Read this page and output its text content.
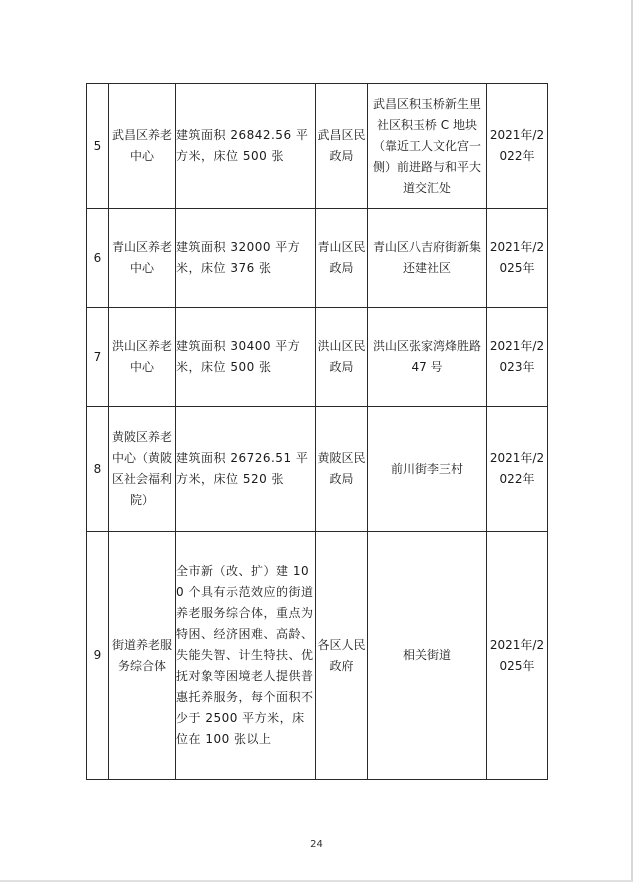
5	武昌区养老中心	建筑面积 26842.56 平方米，床位 500 张	武昌区民政局	武昌区积玉桥新生里社区积玉桥 C 地块（靠近工人文化宫一侧）前进路与和平大道交汇处	2021年/2022年
6	青山区养老中心	建筑面积 32000 平方米，床位 376 张	青山区民政局	青山区八吉府街新集还建社区	2021年/2025年
7	洪山区养老中心	建筑面积 30400 平方米，床位 500 张	洪山区民政局	洪山区张家湾烽胜路 47 号	2021年/2023年
8	黄陂区养老中心（黄陂区社会福利院）	建筑面积 26726.51 平方米，床位 520 张	黄陂区民政局	前川街李三村	2021年/2022年
9	街道养老服务综合体	全市新（改、扩）建 100 个具有示范效应的街道养老服务综合体，重点为特困、经济困难、高龄、失能失智、计生特扶、优抚对象等困境老人提供普惠托养服务，每个面积不少于 2500 平方米，床位在 100 张以上	各区人民政府	相关街道	2021年/2025年
24
